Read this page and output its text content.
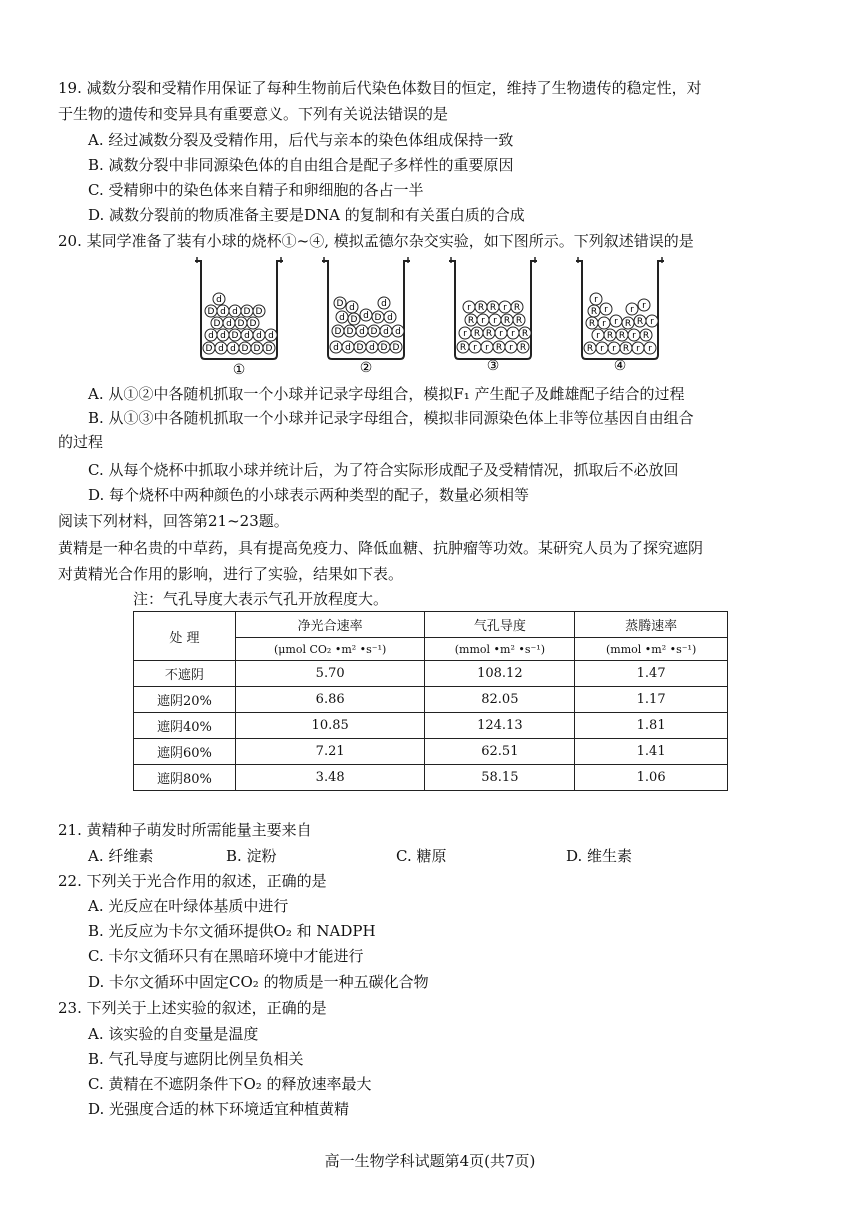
19. 减数分裂和受精作用保证了每种生物前后代染色体数目的恒定，维持了生物遗传的稳定性，对
于生物的遗传和变异具有重要意义。下列有关说法错误的是
A. 经过减数分裂及受精作用，后代与亲本的染色体组成保持一致
B. 减数分裂中非同源染色体的自由组合是配子多样性的重要原因
C. 受精卵中的染色体来自精子和卵细胞的各占一半
D. 减数分裂前的物质准备主要是DNA 的复制和有关蛋白质的合成
20. 某同学准备了装有小球的烧杯①~④, 模拟孟德尔杂交实验，如下图所示。下列叙述错误的是
d
D d d D D
D d D D
d d D d d d
D d d D D D
D d	d
d D d D d
D D d D d d
d d D d D D
r R R r R
R r r R R
r R R r r R
R r r R r R
r
R r r r
R r r R R r
r R R r R
R r r R r r
①	②	③	④
A. 从①②中各随机抓取一个小球并记录字母组合，模拟F₁ 产生配子及雌雄配子结合的过程
B. 从①③中各随机抓取一个小球并记录字母组合，模拟非同源染色体上非等位基因自由组合
的过程
C. 从每个烧杯中抓取小球并统计后，为了符合实际形成配子及受精情况，抓取后不必放回
D. 每个烧杯中两种颜色的小球表示两种类型的配子，数量必须相等
阅读下列材料，回答第21~23题。
黄精是一种名贵的中草药，具有提高免疫力、降低血糖、抗肿瘤等功效。某研究人员为了探究遮阴
对黄精光合作用的影响，进行了实验，结果如下表。
注：气孔导度大表示气孔开放程度大。
处 理	净光合速率	气孔导度	蒸腾速率
	(μmol CO₂ •m² •s⁻¹)	(mmol •m² •s⁻¹)	(mmol •m² •s⁻¹)
不遮阴	5.70	108.12	1.47
遮阴20%	6.86	82.05	1.17
遮阴40%	10.85	124.13	1.81
遮阴60%	7.21	62.51	1.41
遮阴80%	3.48	58.15	1.06
21. 黄精种子萌发时所需能量主要来自
A. 纤维素	B. 淀粉	C. 糖原	D. 维生素
22. 下列关于光合作用的叙述，正确的是
A. 光反应在叶绿体基质中进行
B. 光反应为卡尔文循环提供O₂ 和 NADPH
C. 卡尔文循环只有在黑暗环境中才能进行
D. 卡尔文循环中固定CO₂ 的物质是一种五碳化合物
23. 下列关于上述实验的叙述，正确的是
A. 该实验的自变量是温度
B. 气孔导度与遮阴比例呈负相关
C. 黄精在不遮阴条件下O₂ 的释放速率最大
D. 光强度合适的林下环境适宜种植黄精
高一生物学科试题第4页(共7页)
